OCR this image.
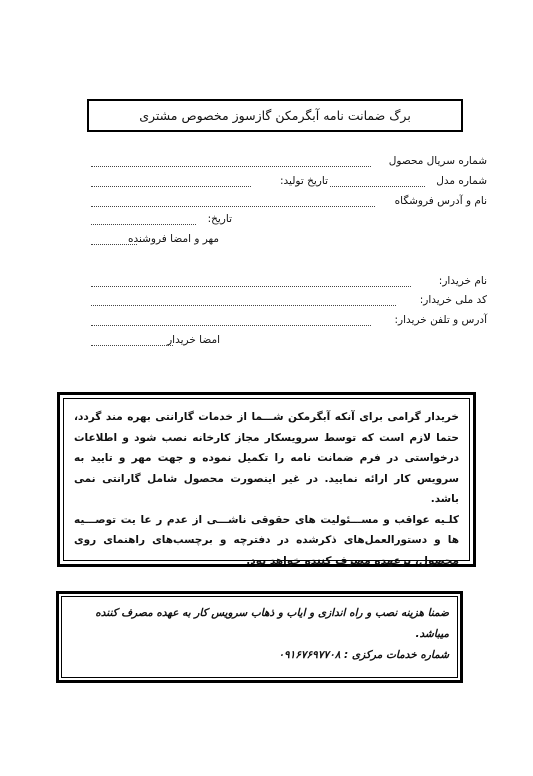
برگ ضمانت نامه آبگرمکن گازسوز مخصوص مشتری
شماره سریال محصول
شماره مدل
تاریخ تولید:
نام و آدرس فروشگاه
تاریخ:
مهر و امضا فروشنده
نام خریدار:
کد ملی خریدار:
آدرس و تلفن خریدار:
امضا خریدار

خریدار گرامی برای آنکه آبگرمکن شـــما از خدمات گارانتی بهره مند گردد، حتما لازم است که توسط سرویسکار مجاز کارخانه نصب شود و اطلاعات درخواستی در فرم ضمانت نامه را تکمیل نموده و جهت مهر و تایید به سرویس کار ارائه نمایید. در غیر اینصورت محصول شامل گارانتی نمی باشد.

کلـیه عواقب و مســـئولیت های حقوقی ناشـــی از عدم ر عا یت توصـــیه ها و دستورالعمل‌های ذکرشده در دفترچه و برچسب‌های راهنمای روی محصول، برعهده مصرف کننده خواهد بود.

ضمنا هزینه نصب و راه اندازی و ایاب و ذهاب سرویس کار به عهده مصرف کننده میباشد.

شماره خدمات مرکزی : ۰۹۱۶۷۶۹۷۷۰۸
